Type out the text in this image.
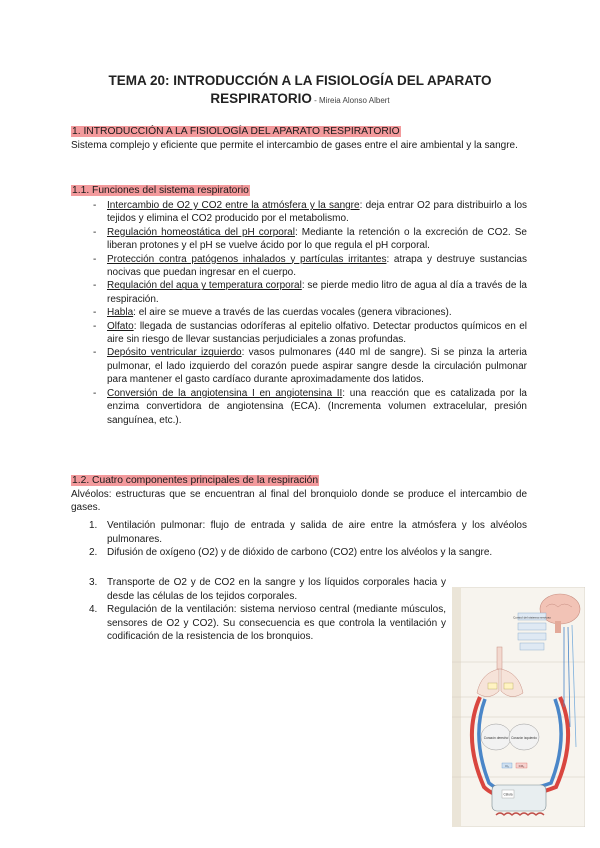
TEMA 20: INTRODUCCIÓN A LA FISIOLOGÍA DEL APARATO
RESPIRATORIO - Mireia Alonso Albert
1. INTRODUCCIÓN A LA FISIOLOGÍA DEL APARATO RESPIRATORIO
Sistema complejo y eficiente que permite el intercambio de gases entre el aire ambiental y la sangre.
1.1. Funciones del sistema respiratorio
- Intercambio de O2 y CO2 entre la atmósfera y la sangre: deja entrar O2 para distribuirlo a los tejidos y elimina el CO2 producido por el metabolismo.
- Regulación homeostática del pH corporal: Mediante la retención o la excreción de CO2. Se liberan protones y el pH se vuelve ácido por lo que regula el pH corporal.
- Protección contra patógenos inhalados y partículas irritantes: atrapa y destruye sustancias nocivas que puedan ingresar en el cuerpo.
- Regulación del agua y temperatura corporal: se pierde medio litro de agua al día a través de la respiración.
- Habla: el aire se mueve a través de las cuerdas vocales (genera vibraciones).
- Olfato: llegada de sustancias odoríferas al epitelio olfativo. Detectar productos químicos en el aire sin riesgo de llevar sustancias perjudiciales a zonas profundas.
- Depósito ventricular izquierdo: vasos pulmonares (440 ml de sangre). Si se pinza la arteria pulmonar, el lado izquierdo del corazón puede aspirar sangre desde la circulación pulmonar para mantener el gasto cardíaco durante aproximadamente dos latidos.
- Conversión de la angiotensina I en angiotensina II: una reacción que es catalizada por la enzima convertidora de angiotensina (ECA). (Incrementa volumen extracelular, presión sanguínea, etc.).
1.2. Cuatro componentes principales de la respiración
Alvéolos: estructuras que se encuentran al final del bronquiolo donde se produce el intercambio de gases.
1. Ventilación pulmonar: flujo de entrada y salida de aire entre la atmósfera y los alvéolos pulmonares.
2. Difusión de oxígeno (O2) y de dióxido de carbono (CO2) entre los alvéolos y la sangre.
3. Transporte de O2 y de CO2 en la sangre y los líquidos corporales hacia y desde las células de los tejidos corporales.
4. Regulación de la ventilación: sistema nervioso central (mediante músculos, sensores de O2 y CO2). Su consecuencia es que controla la ventilación y codificación de la resistencia de los bronquios.
Control del sistema nervioso
Corazón derecho Corazón izquierdo
O₂	CO₂
Célula
